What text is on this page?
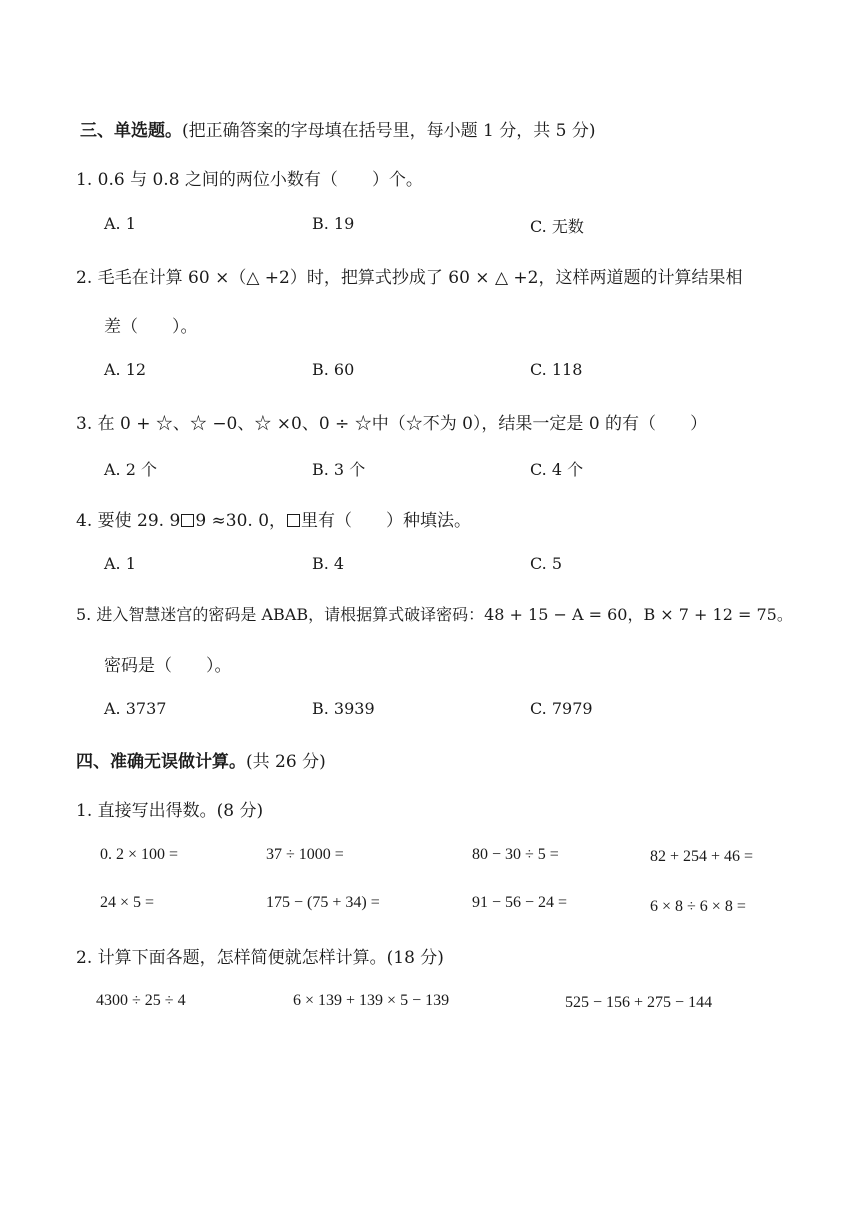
三、单选题。(把正确答案的字母填在括号里，每小题 1 分，共 5 分)
1. 0.6 与 0.8 之间的两位小数有（ ）个。
A. 1	B. 19	C. 无数
2. 毛毛在计算 60 ×（△ +2）时，把算式抄成了 60 × △ +2，这样两道题的计算结果相
差（ ）。
A. 12	B. 60	C. 118
3. 在 0 + ☆、☆ −0、☆ ×0、0 ÷ ☆中（☆不为 0），结果一定是 0 的有（ ）
A. 2 个	B. 3 个	C. 4 个
4. 要使 29. 9 9 ≈30. 0， 里有（ ）种填法。
A. 1	B. 4	C. 5
5. 进入智慧迷宫的密码是 ABAB，请根据算式破译密码：48 + 15 − A = 60，B × 7 + 12 = 75。
密码是（ ）。
A. 3737	B. 3939	C. 7979
四、准确无误做计算。(共 26 分)
1. 直接写出得数。(8 分)
0. 2 × 100 =	37 ÷ 1000 =	80 − 30 ÷ 5 =	82 + 254 + 46 =
24 × 5 =	175 − (75 + 34) =	91 − 56 − 24 =	6 × 8 ÷ 6 × 8 =
2. 计算下面各题，怎样简便就怎样计算。(18 分)
4300 ÷ 25 ÷ 4	6 × 139 + 139 × 5 − 139	525 − 156 + 275 − 144
